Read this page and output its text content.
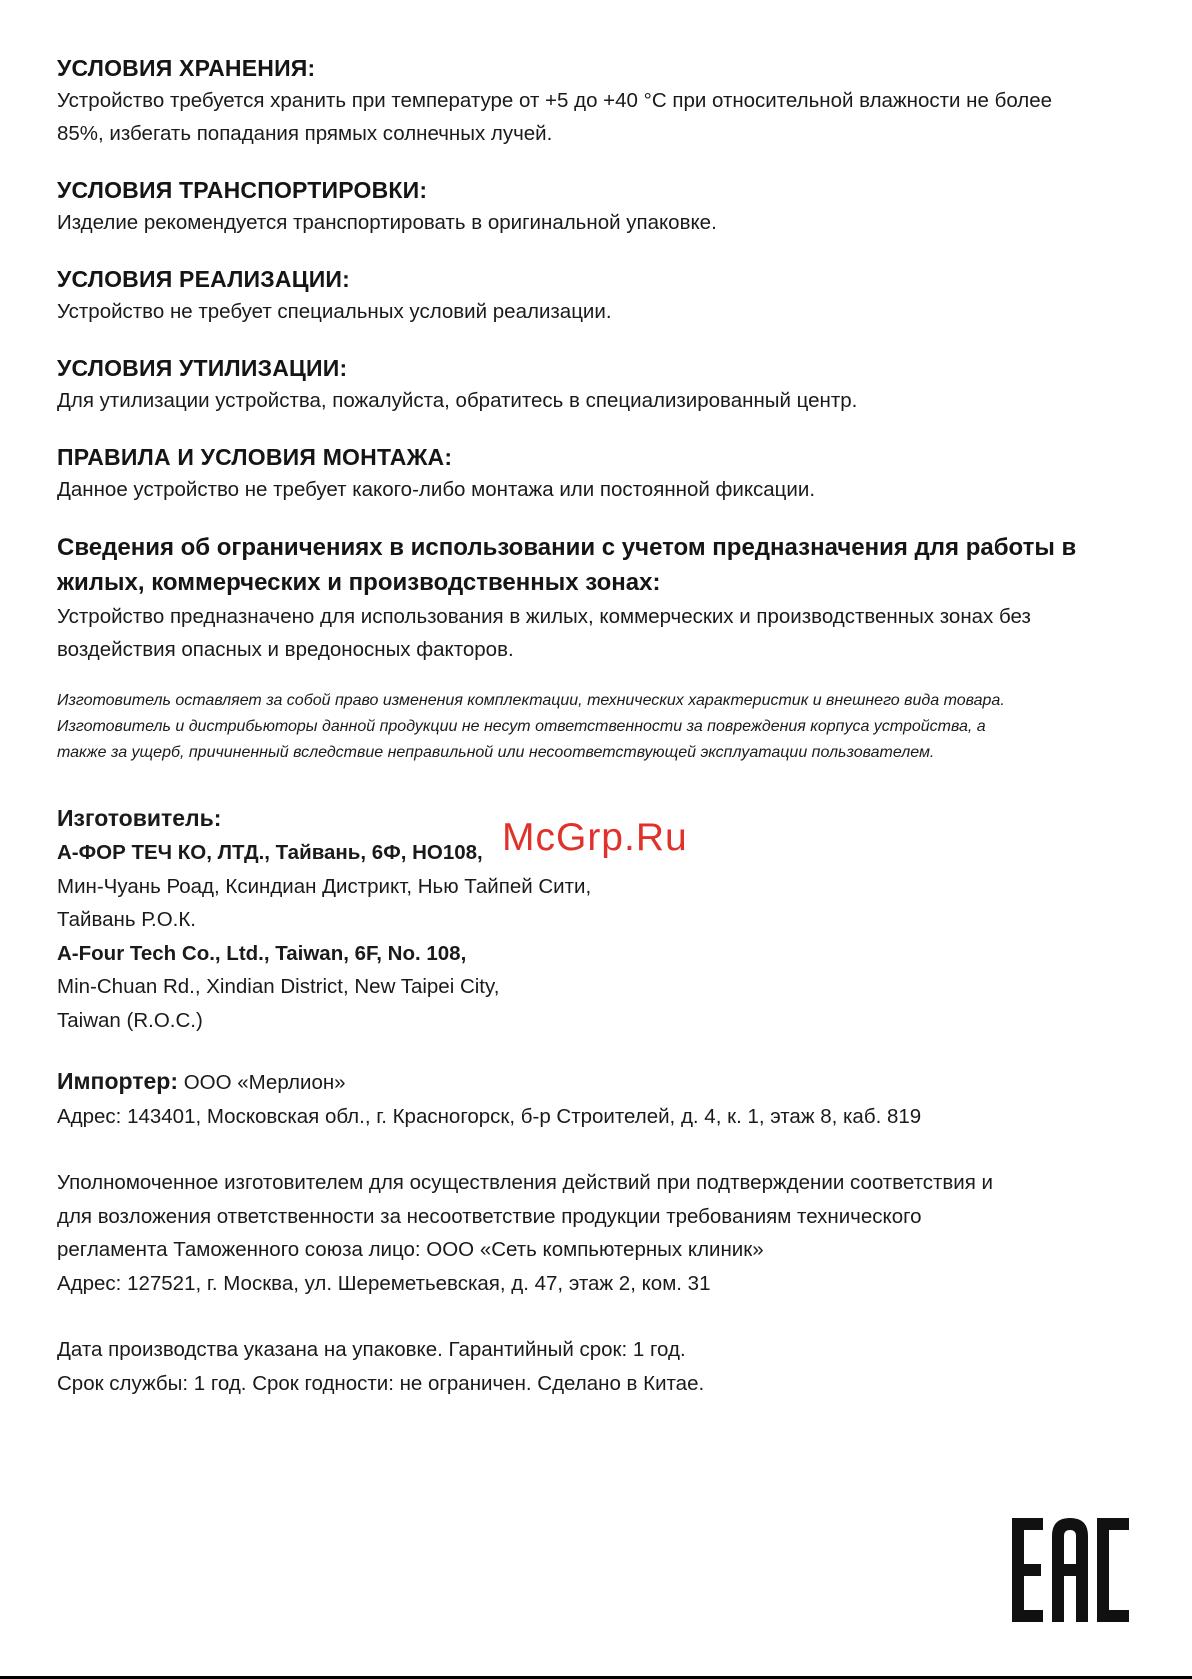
УСЛОВИЯ ХРАНЕНИЯ:

Устройство требуется хранить при температуре от +5 до +40 °С при относительной влажности не более

85%, избегать попадания прямых солнечных лучей.

УСЛОВИЯ ТРАНСПОРТИРОВКИ:

Изделие рекомендуется транспортировать в оригинальной упаковке.

УСЛОВИЯ РЕАЛИЗАЦИИ:

Устройство не требует специальных условий реализации.

УСЛОВИЯ УТИЛИЗАЦИИ:

Для утилизации устройства, пожалуйста, обратитесь в специализированный центр.

ПРАВИЛА И УСЛОВИЯ МОНТАЖА:

Данное устройство не требует какого-либо монтажа или постоянной фиксации.

Сведения об ограничениях в использовании с учетом предназначения для работы в
жилых, коммерческих и производственных зонах:

Устройство предназначено для использования в жилых, коммерческих и производственных зонах без

воздействия опасных и вредоносных факторов.

Изготовитель оставляет за собой право изменения комплектации, технических характеристик и внешнего вида товара.

Изготовитель и дистрибьюторы данной продукции не несут ответственности за повреждения корпуса устройства, а

также за ущерб, причиненный вследствие неправильной или несоответствующей эксплуатации пользователем.

Изготовитель:

А-ФОР ТЕЧ КО, ЛТД., Тайвань, 6Ф, НО108,

Мин-Чуань Роад, Ксиндиан Дистрикт, Нью Тайпей Сити,

Тайвань Р.О.К.

A-Four Tech Co., Ltd., Taiwan, 6F, No. 108,

Min-Chuan Rd., Xindian District, New Taipei City,

Taiwan (R.O.C.)

Импортер: ООО «Мерлион»

Адрес: 143401, Московская обл., г. Красногорск, б-р Строителей, д. 4, к. 1, этаж 8, каб. 819

Уполномоченное изготовителем для осуществления действий при подтверждении соответствия и

для возложения ответственности за несоответствие продукции требованиям технического

регламента Таможенного союза лицо: ООО «Сеть компьютерных клиник»

Адрес: 127521, г. Москва, ул. Шереметьевская, д. 47, этаж 2, ком. 31

Дата производства указана на упаковке. Гарантийный срок: 1 год.

Срок службы: 1 год. Срок годности: не ограничен. Сделано в Китае.

McGrp.Ru
